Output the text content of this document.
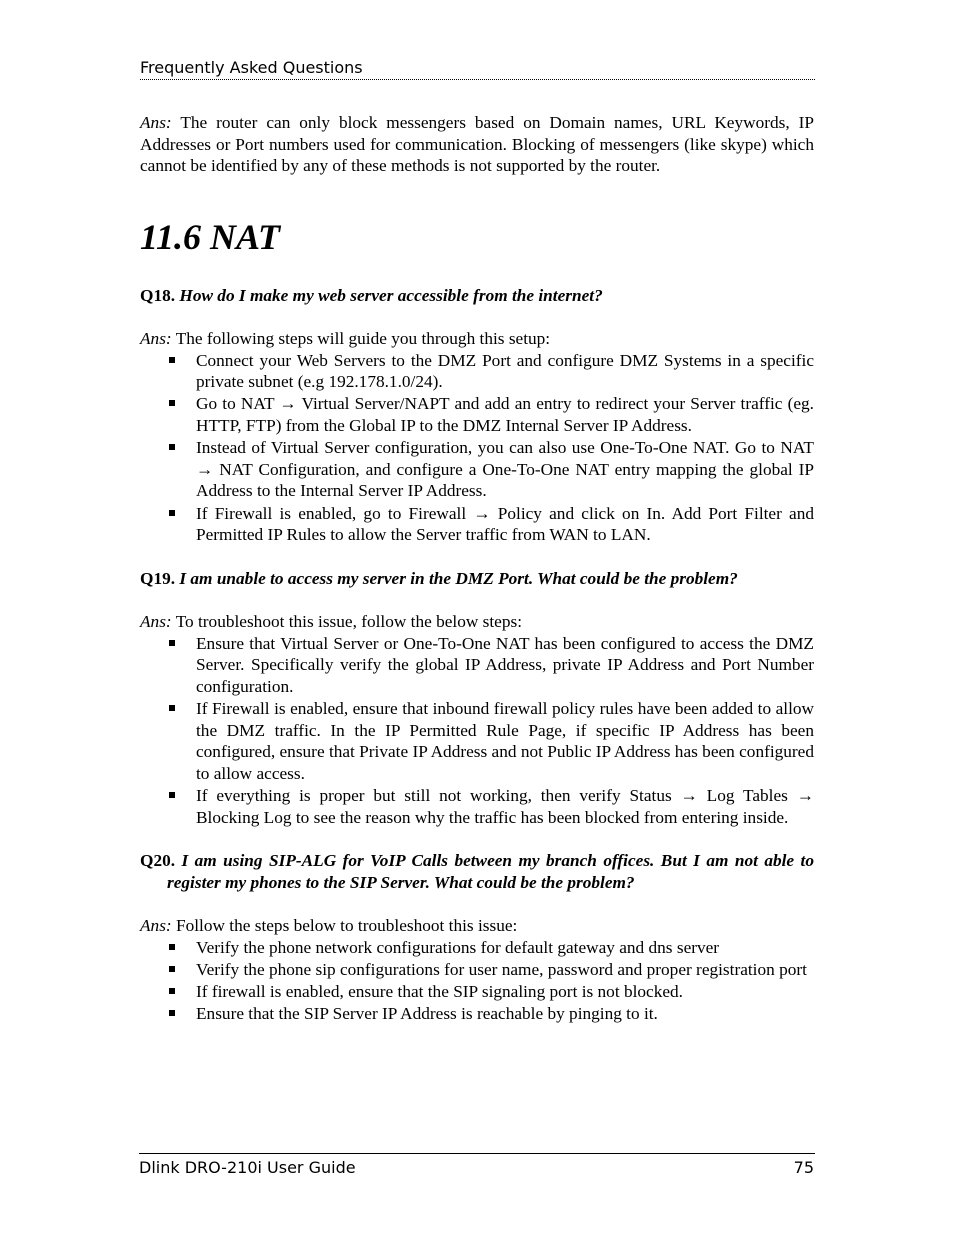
Frequently Asked Questions

Ans: The router can only block messengers based on Domain names, URL Keywords, IP Addresses or Port numbers used for communication. Blocking of messengers (like skype) which cannot be identified by any of these methods is not supported by the router.

11.6 NAT

Q18. How do I make my web server accessible from the internet?

Ans: The following steps will guide you through this setup:

Connect your Web Servers to the DMZ Port and configure DMZ Systems in a specific private subnet (e.g 192.178.1.0/24).
Go to NAT → Virtual Server/NAPT and add an entry to redirect your Server traffic (eg. HTTP, FTP) from the Global IP to the DMZ Internal Server IP Address.
Instead of Virtual Server configuration, you can also use One-To-One NAT. Go to NAT → NAT Configuration, and configure a One-To-One NAT entry mapping the global IP Address to the Internal Server IP Address.
If Firewall is enabled, go to Firewall → Policy and click on In. Add Port Filter and Permitted IP Rules to allow the Server traffic from WAN to LAN.

Q19. I am unable to access my server in the DMZ Port. What could be the problem?

Ans: To troubleshoot this issue, follow the below steps:

Ensure that Virtual Server or One-To-One NAT has been configured to access the DMZ Server. Specifically verify the global IP Address, private IP Address and Port Number configuration.
If Firewall is enabled, ensure that inbound firewall policy rules have been added to allow the DMZ traffic. In the IP Permitted Rule Page, if specific IP Address has been configured, ensure that Private IP Address and not Public IP Address has been configured to allow access.
If everything is proper but still not working, then verify Status → Log Tables → Blocking Log to see the reason why the traffic has been blocked from entering inside.

Q20. I am using SIP-ALG for VoIP Calls between my branch offices. But I am not able to register my phones to the SIP Server. What could be the problem?

Ans: Follow the steps below to troubleshoot this issue:

Verify the phone network configurations for default gateway and dns server
Verify the phone sip configurations for user name, password and proper registration port
If firewall is enabled, ensure that the SIP signaling port is not blocked.
Ensure that the SIP Server IP Address is reachable by pinging to it.
Dlink DRO-210i User Guide	75
